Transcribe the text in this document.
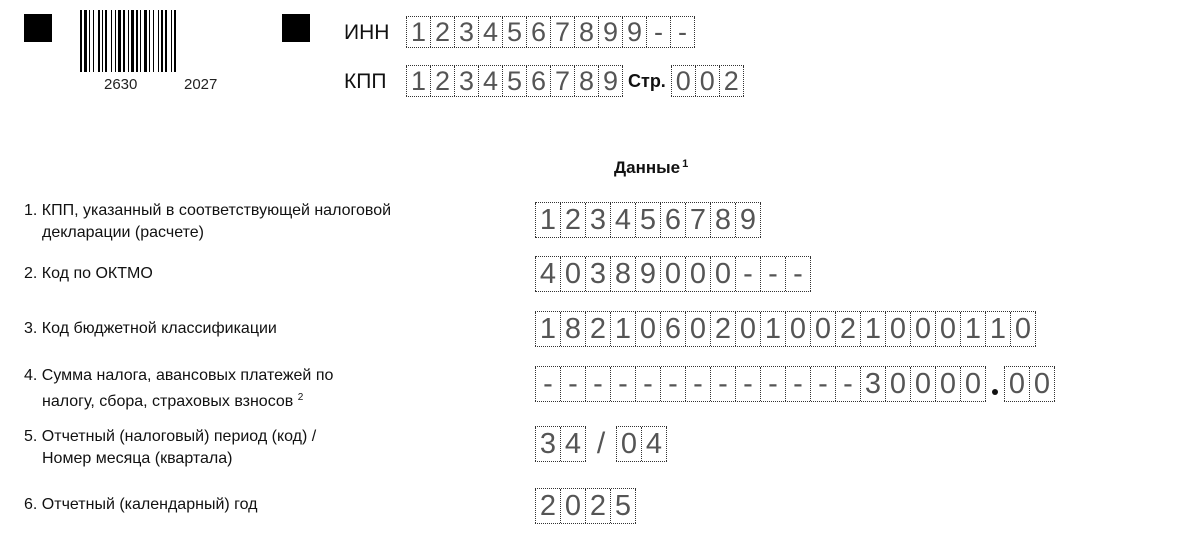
2630	2027
ИНН 1 2 3 4 5 6 7 8 9 9 - -
КПП 1 2 3 4 5 6 7 8 9 Стр. 0 0 2
Данные $^1$
1. КПП, указанный в соответствующей налоговой
декларации (расчете)	1 2 3 4 5 6 7 8 9
2. Код по ОКТМО	4 0 3 8 9 0 0 0 - - -
3. Код бюджетной классификации	1 8 2 1 0 6 0 2 0 1 0 0 2 1 0 0 0 1 1 0
4. Сумма налога, авансовых платежей по
налогу, сбора, страховых взносов $^2$	- - - - - - - - - - - - - 3 0 0 0 0 0 0
5. Отчетный (налоговый) период (код) /
Номер месяца (квартала)	3 4 / 0 4
6. Отчетный (календарный) год	2 0 2 5
